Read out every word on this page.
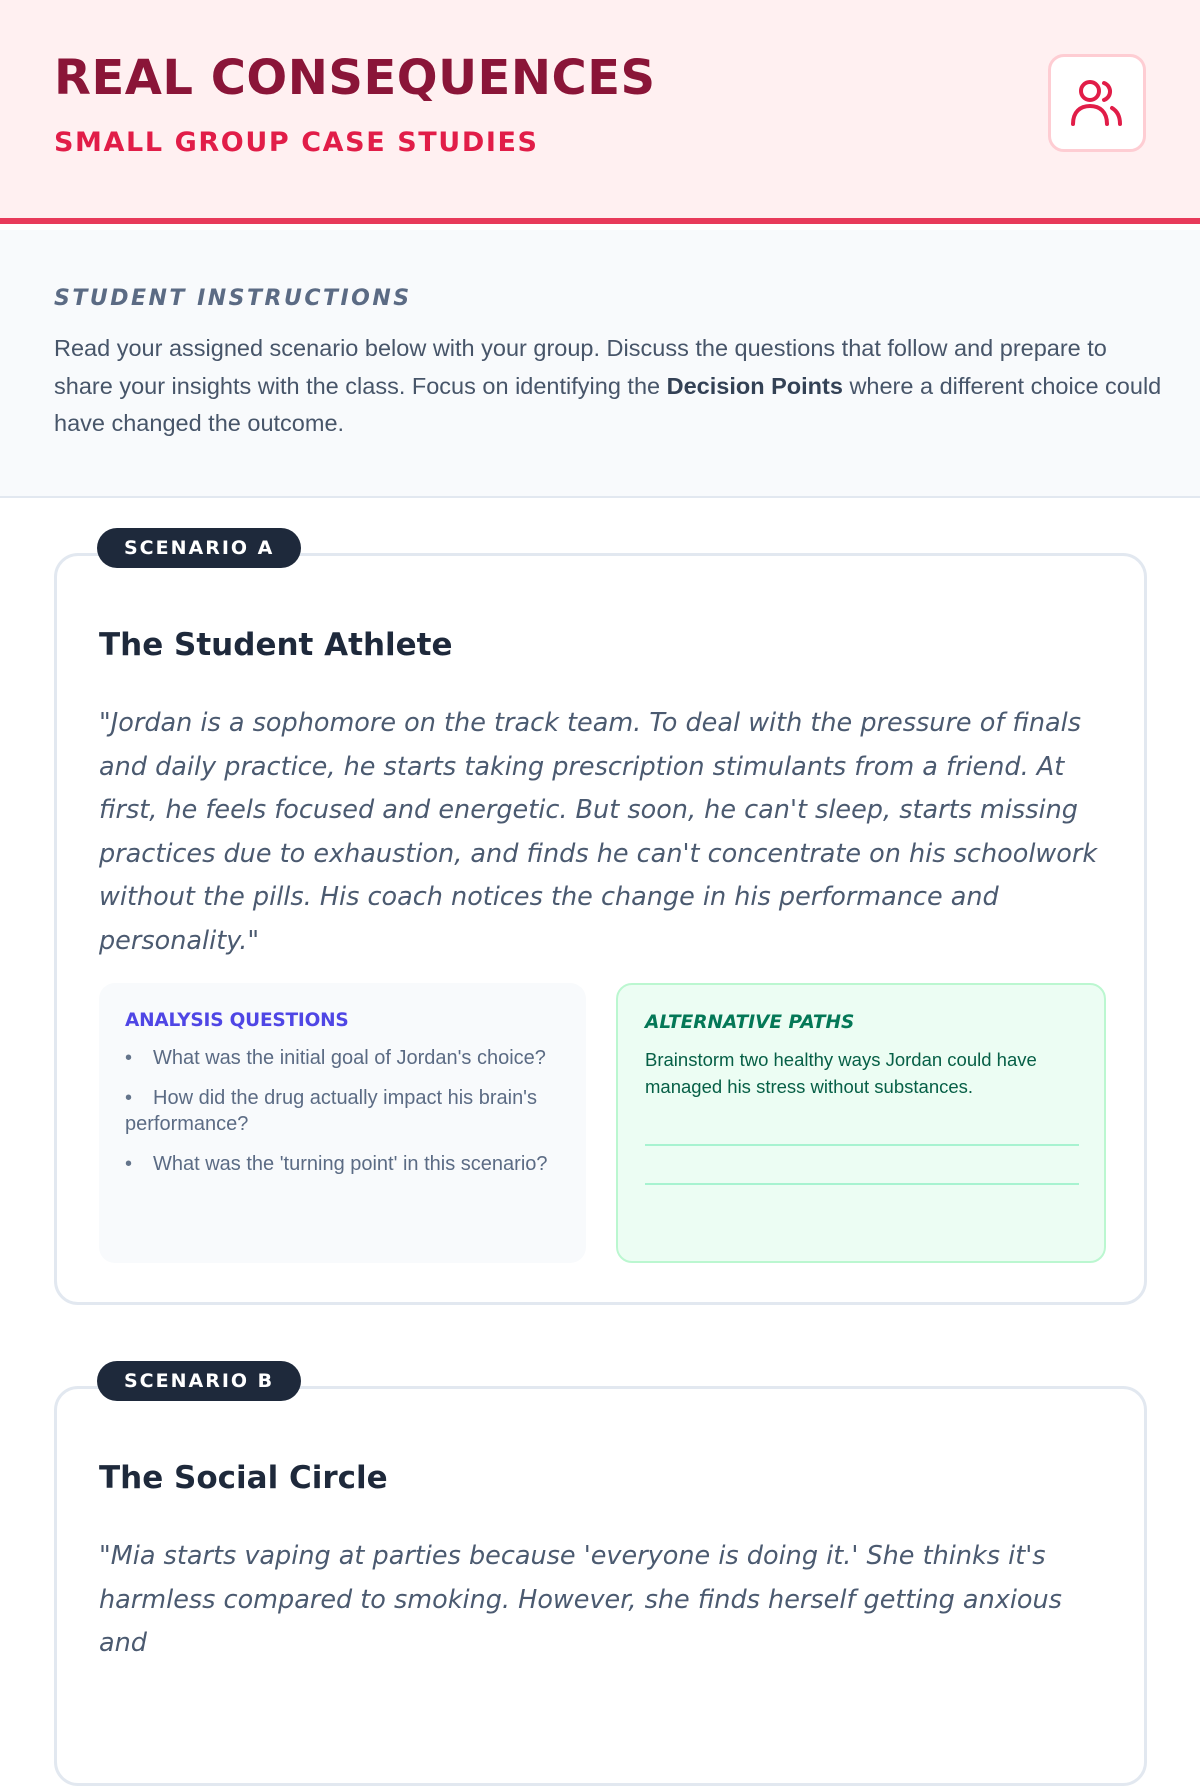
REAL CONSEQUENCES
SMALL GROUP CASE STUDIES
STUDENT INSTRUCTIONS

Read your assigned scenario below with your group. Discuss the questions that follow and prepare to share your insights with the class. Focus on identifying the Decision Points where a different choice could have changed the outcome.

SCENARIO A
The Student Athlete

"Jordan is a sophomore on the track team. To deal with the pressure of finals and daily practice, he starts taking prescription stimulants from a friend. At first, he feels focused and energetic. But soon, he can't sleep, starts missing practices due to exhaustion, and finds he can't concentrate on his schoolwork without the pills. His coach notices the change in his performance and personality."

ANALYSIS QUESTIONS
• What was the initial goal of Jordan's choice?
• How did the drug actually impact his brain's performance?
• What was the 'turning point' in this scenario?
ALTERNATIVE PATHS

Brainstorm two healthy ways Jordan could have managed his stress without substances.

SCENARIO B
The Social Circle

"Mia starts vaping at parties because 'everyone is doing it.' She thinks it's harmless compared to smoking. However, she finds herself getting anxious and
